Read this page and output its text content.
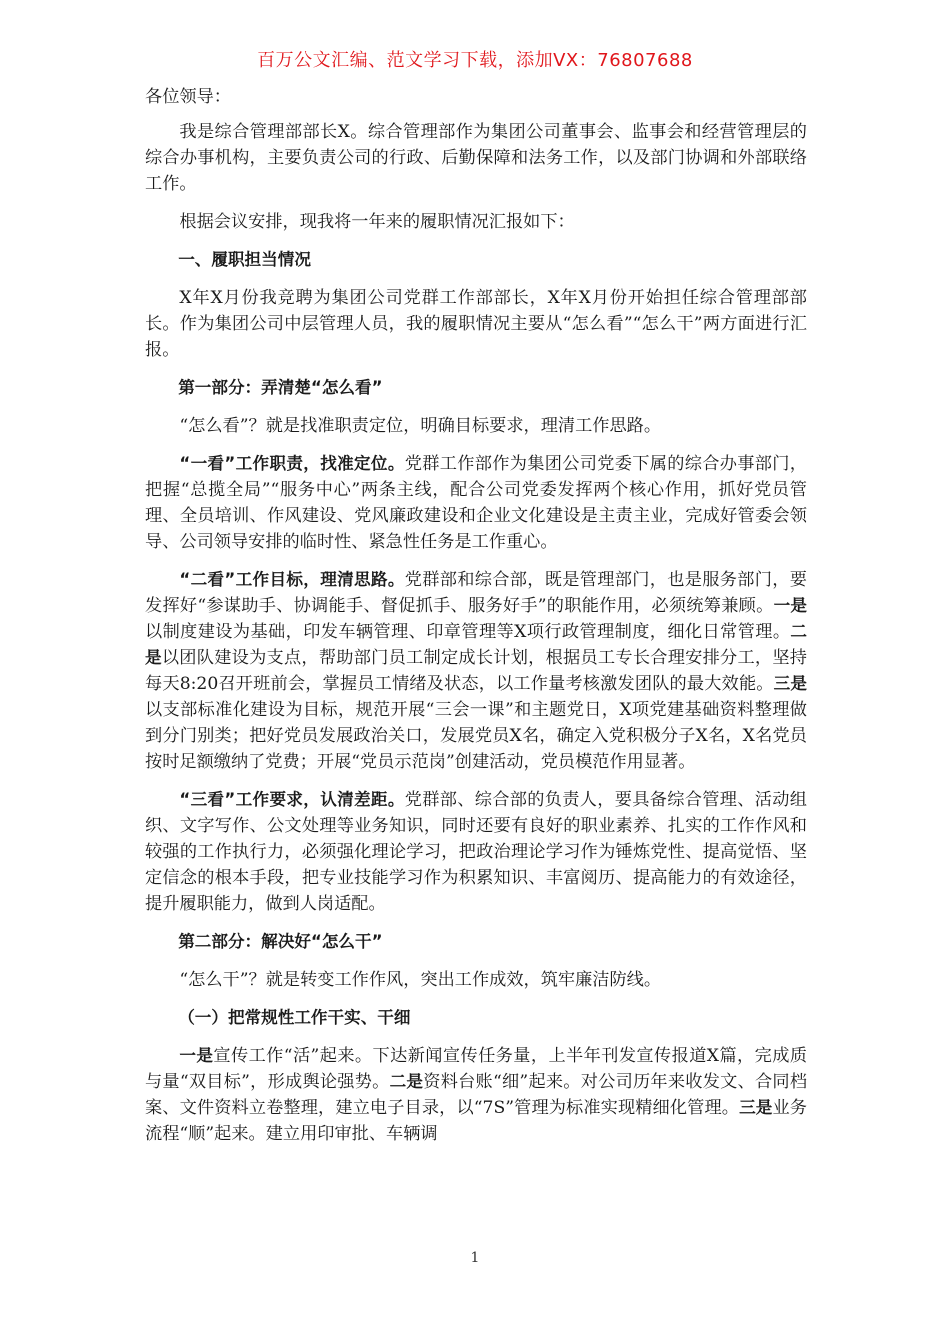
百万公文汇编、范文学习下载，添加VX：76807688

各位领导：

我是综合管理部部长X。综合管理部作为集团公司董事会、监事会和经营管理层的综合办事机构，主要负责公司的行政、后勤保障和法务工作，以及部门协调和外部联络工作。

根据会议安排，现我将一年来的履职情况汇报如下：

一、履职担当情况

X年X月份我竞聘为集团公司党群工作部部长，X年X月份开始担任综合管理部部长。作为集团公司中层管理人员，我的履职情况主要从“怎么看”“怎么干”两方面进行汇报。

第一部分：弄清楚“怎么看”

“怎么看”？就是找准职责定位，明确目标要求，理清工作思路。

“一看”工作职责，找准定位。党群工作部作为集团公司党委下属的综合办事部门，把握“总揽全局”“服务中心”两条主线，配合公司党委发挥两个核心作用，抓好党员管理、全员培训、作风建设、党风廉政建设和企业文化建设是主责主业，完成好管委会领导、公司领导安排的临时性、紧急性任务是工作重心。

“二看”工作目标，理清思路。党群部和综合部，既是管理部门，也是服务部门，要发挥好“参谋助手、协调能手、督促抓手、服务好手”的职能作用，必须统筹兼顾。一是以制度建设为基础，印发车辆管理、印章管理等X项行政管理制度，细化日常管理。二是以团队建设为支点，帮助部门员工制定成长计划，根据员工专长合理安排分工，坚持每天8:20召开班前会，掌握员工情绪及状态，以工作量考核激发团队的最大效能。三是以支部标准化建设为目标，规范开展“三会一课”和主题党日，X项党建基础资料整理做到分门别类；把好党员发展政治关口，发展党员X名，确定入党积极分子X名，X名党员按时足额缴纳了党费；开展“党员示范岗”创建活动，党员模范作用显著。

“三看”工作要求，认清差距。党群部、综合部的负责人，要具备综合管理、活动组织、文字写作、公文处理等业务知识，同时还要有良好的职业素养、扎实的工作作风和较强的工作执行力，必须强化理论学习，把政治理论学习作为锤炼党性、提高觉悟、坚定信念的根本手段，把专业技能学习作为积累知识、丰富阅历、提高能力的有效途径，提升履职能力，做到人岗适配。

第二部分：解决好“怎么干”

“怎么干”？就是转变工作作风，突出工作成效，筑牢廉洁防线。

（一）把常规性工作干实、干细

一是宣传工作“活”起来。下达新闻宣传任务量，上半年刊发宣传报道X篇，完成质与量“双目标”，形成舆论强势。二是资料台账“细”起来。对公司历年来收发文、合同档案、文件资料立卷整理，建立电子目录，以“7S”管理为标准实现精细化管理。三是业务流程“顺”起来。建立用印审批、车辆调

1
